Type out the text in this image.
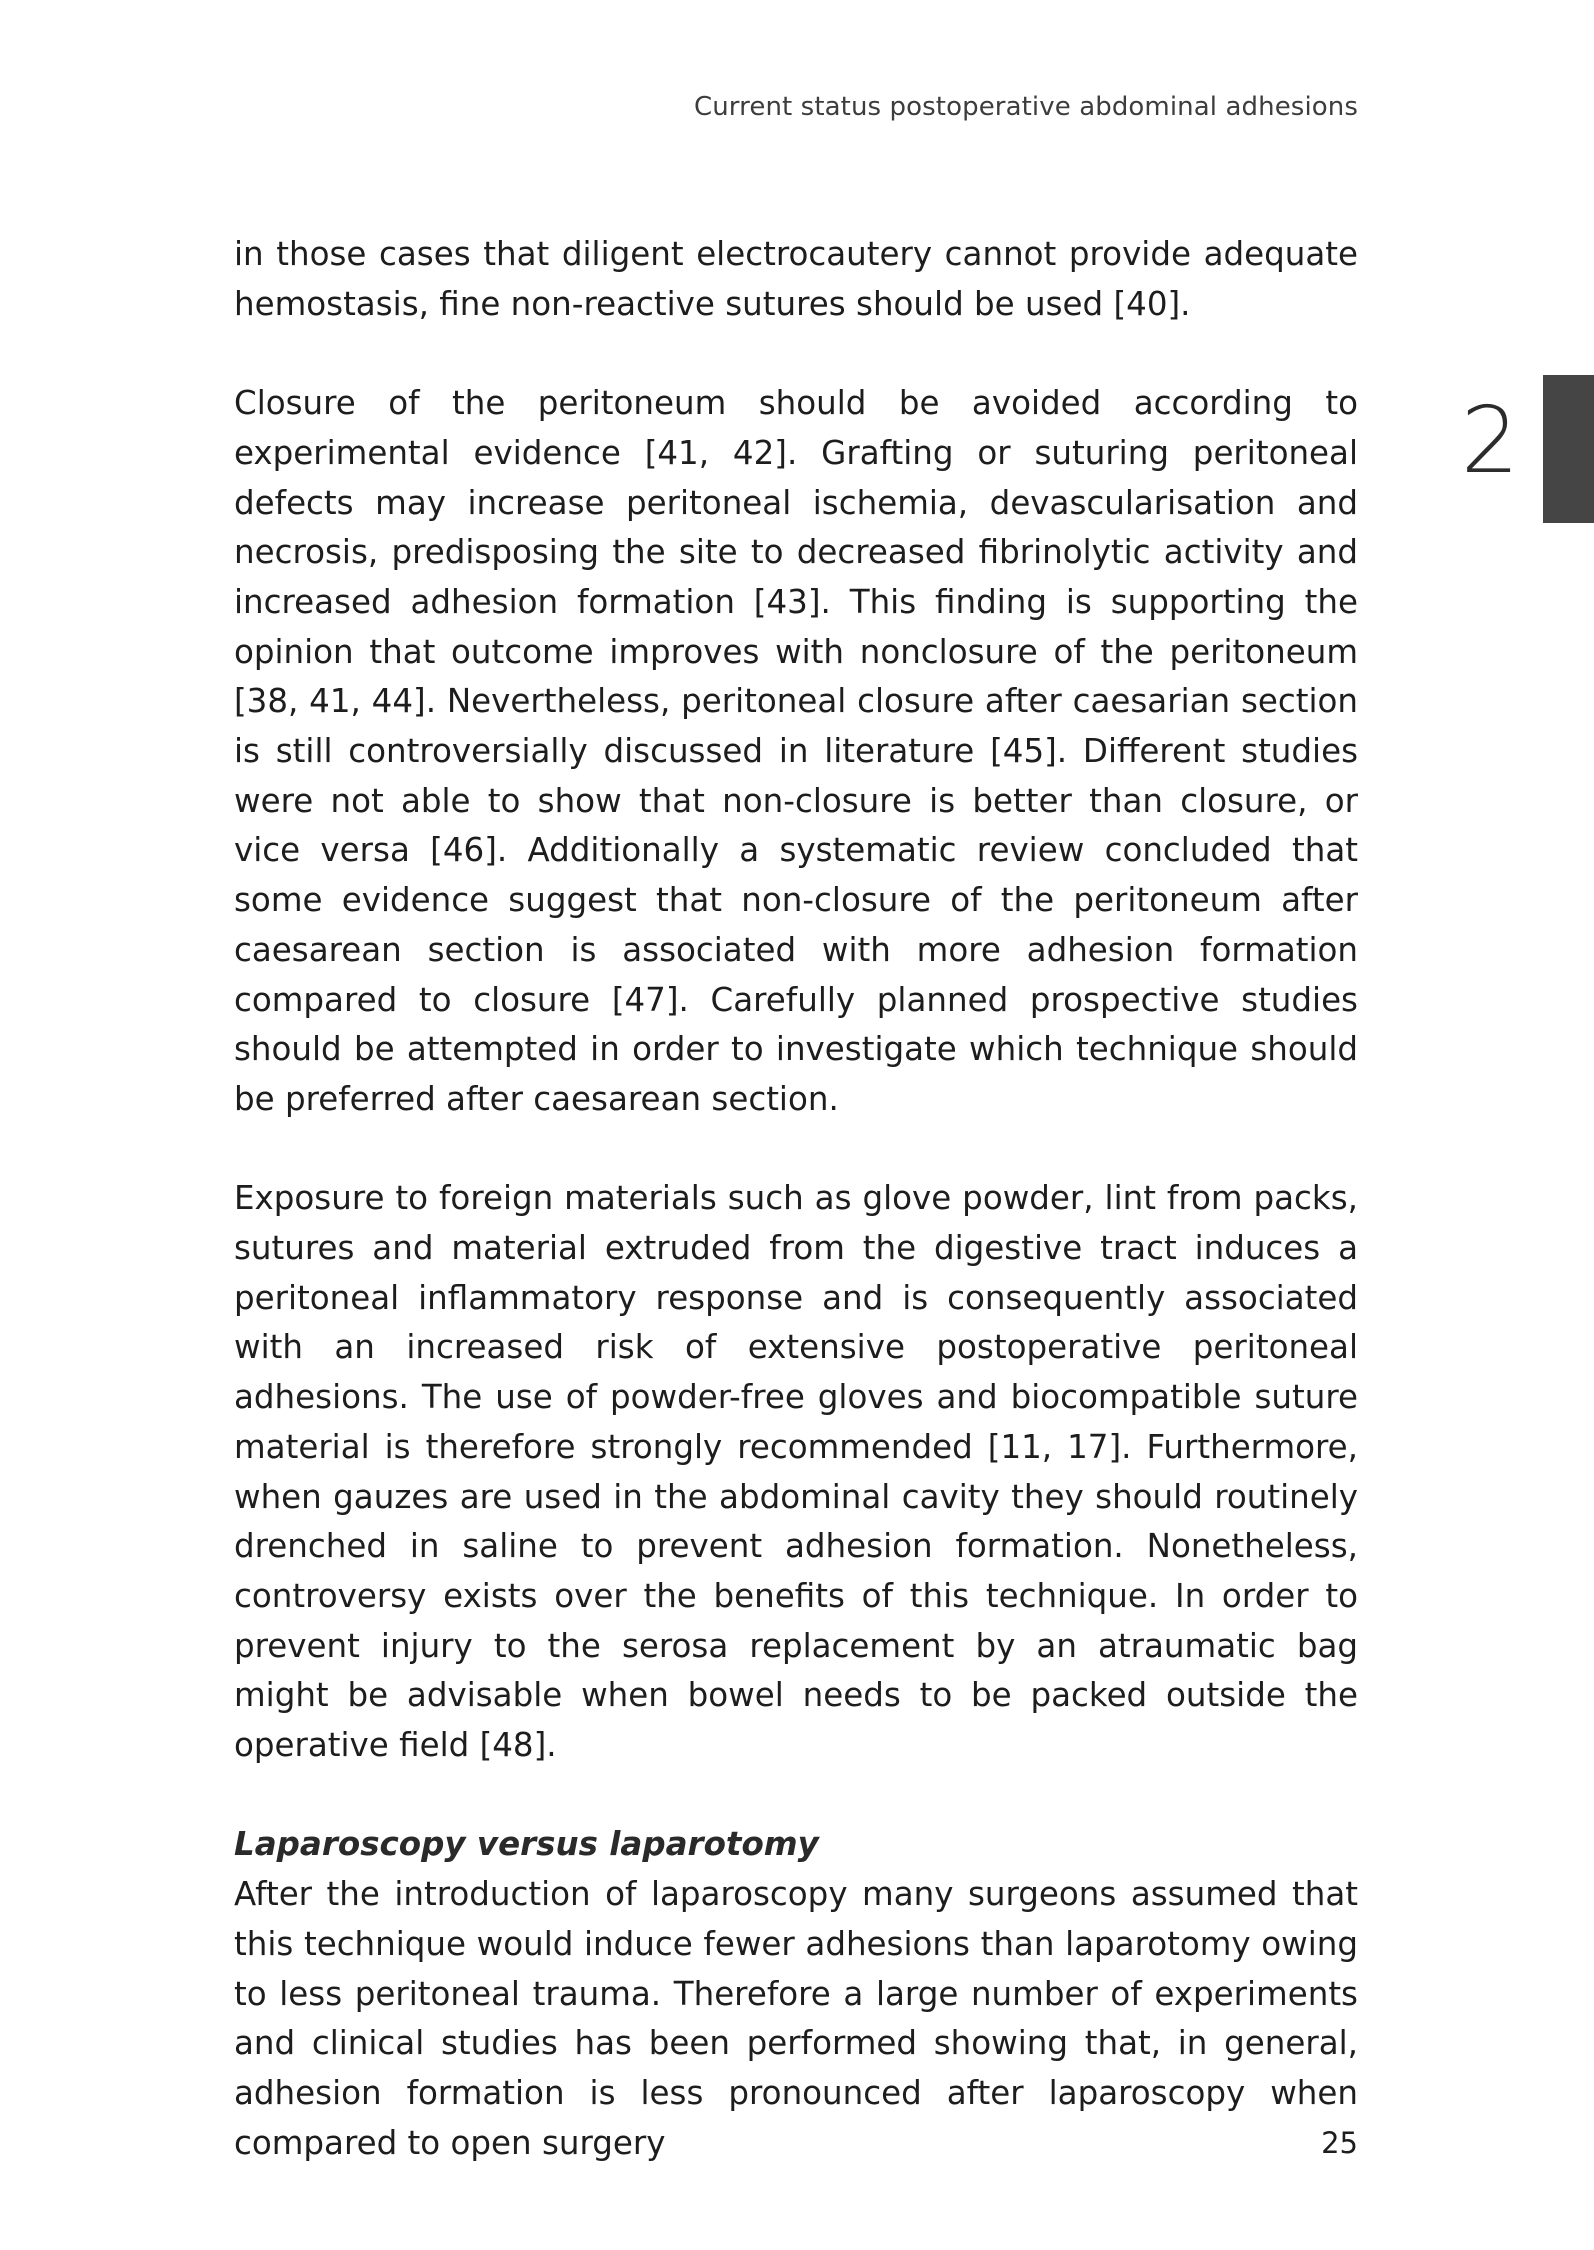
Current status postoperative abdominal adhesions
2

in those cases that diligent electrocautery cannot provide adequate hemostasis, fine non-reactive sutures should be used [40].

Closure of the peritoneum should be avoided according to experimental evidence [41, 42]. Grafting or suturing peritoneal defects may increase peritoneal ischemia, devascularisation and necrosis, predisposing the site to decreased fibrinolytic activity and increased adhesion formation [43]. This finding is supporting the opinion that outcome improves with nonclosure of the peritoneum [38, 41, 44]. Nevertheless, peritoneal closure after caesarian section is still controversially discussed in literature [45]. Different studies were not able to show that non-closure is better than closure, or vice versa [46]. Additionally a systematic review concluded that some evidence suggest that non-closure of the peritoneum after caesarean section is associated with more adhesion formation compared to closure [47]. Carefully planned prospective studies should be attempted in order to investigate which technique should be preferred after caesarean section.

Exposure to foreign materials such as glove powder, lint from packs, sutures and material extruded from the digestive tract induces a peritoneal inflammatory response and is consequently associated with an increased risk of extensive postoperative peritoneal adhesions. The use of powder-free gloves and biocompatible suture material is therefore strongly recommended [11, 17]. Furthermore, when gauzes are used in the abdominal cavity they should routinely drenched in saline to prevent adhesion formation. Nonetheless, controversy exists over the benefits of this technique. In order to prevent injury to the serosa replacement by an atraumatic bag might be advisable when bowel needs to be packed outside the operative field [48].

Laparoscopy versus laparotomy

After the introduction of laparoscopy many surgeons assumed that this technique would induce fewer adhesions than laparotomy owing to less peritoneal trauma. Therefore a large number of experiments and clinical studies has been performed showing that, in general, adhesion formation is less pronounced after laparoscopy when compared to open surgery	25
